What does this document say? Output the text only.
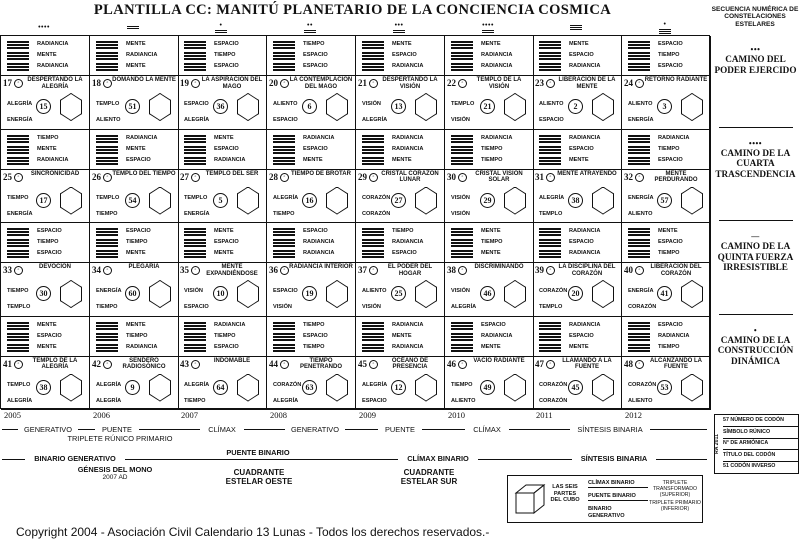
PLANTILLA CC: MANITÚ PLANETARIO DE LA CONCIENCIA COSMICA	SECUENCIA NUMÉRICA DE CONSTELACIONES ESTELARES
••••	•	••	•••	••••	•
RADIANCIA
MENTE
RADIANCIA
17 ◦	DESPERTANDO LA ALEGRÍA
ALEGRÍA
ENERGÍA
15
MENTE
RADIANCIA
MENTE
18 ◦ DOMANDO LA MENTE
TEMPLO
ALIENTO
51
ESPACIO
TIEMPO
ESPACIO
19 ◦ LA ASPIRACIÓN DEL MAGO
ESPACIO
ALEGRÍA
36
TIEMPO
ESPACIO
ESPACIO
20 ◦ LA CONTEMPLACIÓN DEL MAGO
ALIENTO
ESPACIO
6
MENTE
ESPACIO
RADIANCIA
21 ◦	DESPERTANDO LA VISIÓN
VISIÓN
ALEGRÍA
13
MENTE
RADIANCIA
RADIANCIA
22 ◦	TEMPLO DE LA VISIÓN
TEMPLO
VISIÓN
21
MENTE
ESPACIO
RADIANCIA
23 ◦	LIBERACIÓN DE LA MENTE
ALIENTO
ESPACIO
2
ESPACIO
TIEMPO
ESPACIO
24 ◦ RETORNO RADIANTE
ALIENTO
ENERGÍA
3
TIEMPO
MENTE
RADIANCIA
25 ◦	SINCRONICIDAD
TIEMPO
ENERGÍA
17
RADIANCIA
MENTE
ESPACIO
26 ◦ TEMPLO DEL TIEMPO
TEMPLO
TIEMPO
54
MENTE
ESPACIO
RADIANCIA
27 ◦	TEMPLO DEL SER
TEMPLO
ENERGÍA
5
RADIANCIA
ESPACIO
MENTE
28 ◦ TIEMPO DE BROTAR
ALEGRÍA
TIEMPO
16
RADIANCIA
RADIANCIA
MENTE
29 ◦	CRISTAL CORAZÓN LUNAR
CORAZÓN
CORAZÓN
27
RADIANCIA
TIEMPO
TIEMPO
30 ◦	CRISTAL VISIÓN SOLAR
VISIÓN
VISIÓN
29
RADIANCIA
ESPACIO
MENTE
31 ◦ MENTE ATRAYENDO
ALEGRÍA
TEMPLO
38
RADIANCIA
TIEMPO
ESPACIO
32 ◦	MENTE PERDURANDO
ENERGÍA
ALIENTO
57
ESPACIO
TIEMPO
ESPACIO
33 ◦	DEVOCIÓN
TIEMPO
TEMPLO
30
ESPACIO
TIEMPO
MENTE
34 ◦	PLEGARIA
ENERGÍA
TIEMPO
60
MENTE
ESPACIO
MENTE
35 ◦	MENTE EXPANDIÉNDOSE
VISIÓN
ESPACIO
10
ESPACIO
RADIANCIA
RADIANCIA
36 ◦ RADIANCIA INTERIOR
ESPACIO
VISIÓN
19
TIEMPO
RADIANCIA
ESPACIO
37 ◦	EL PODER DEL HOGAR
ALIENTO
VISIÓN
25
MENTE
TIEMPO
MENTE
38 ◦	DISCRIMINANDO
VISIÓN
ALEGRÍA
46
RADIANCIA
ESPACIO
RADIANCIA
39 ◦	LA DISCIPLINA DEL CORAZÓN
CORAZÓN
TEMPLO
20
MENTE
ESPACIO
TIEMPO
40 ◦	LIBERACIÓN DEL CORAZÓN
ENERGÍA
CORAZÓN
41
MENTE
ESPACIO
MENTE
41 ◦	TEMPLO DE LA ALEGRÍA
TEMPLO
ALEGRÍA
38
MENTE
TIEMPO
RADIANCIA
42 ◦	SENDERO RADIOSÓNICO
ALEGRÍA
ALEGRÍA
9
RADIANCIA
TIEMPO
ESPACIO
43 ◦	INDOMABLE
ALEGRÍA
TIEMPO
64
TIEMPO
ESPACIO
TIEMPO
44 ◦	TIEMPO PENETRANDO
CORAZÓN
ALEGRÍA
63
RADIANCIA
MENTE
RADIANCIA
45 ◦	OCÉANO DE PRESENCIA
ALEGRÍA
ESPACIO
12
ESPACIO
RADIANCIA
MENTE
46 ◦	VACÍO RADIANTE
TIEMPO
ALIENTO
49
RADIANCIA
ESPACIO
MENTE
47 ◦	LLAMANDO A LA FUENTE
CORAZÓN
CORAZÓN
45
ESPACIO
RADIANCIA
TIEMPO
48 ◦	ALCANZANDO LA FUENTE
CORAZÓN
ALIENTO
53
•••
CAMINO DEL PODER EJERCIDO
••••
CAMINO DE LA CUARTA TRASCENDENCIA
—
CAMINO DE LA QUINTA FUERZA IRRESISTIBLE
•
CAMINO DE LA CONSTRUCCIÓN DINÁMICA
2005	2006	2007	2008	2009	2010	2011	2012
GENERATIVO	PUENTE	CLÍMAX	GENERATIVO	PUENTE	CLÍMAX	SÍNTESIS BINARIA
TRIPLETE RÚNICO PRIMARIO
BINARIO GENERATIVO
PUENTE BINARIO
CLÍMAX BINARIO	SÍNTESIS BINARIA
GÉNESIS DEL MONO
2007 AD
CUADRANTE ESTELAR OESTE
CUADRANTE ESTELAR SUR
RA 2011
57 NÚMERO DE CODÓN
SÍMBOLO RÚNICO
N° DE ARMÓNICA
TÍTULO DEL CODÓN
51 CODÓN INVERSO
LAS SEIS PARTES DEL CUBO
CLÍMAX BINARIO
PUENTE BINARIO
BINARIO GENERATIVO
TRIPLETE TRANSFORMADO (SUPERIOR)
TRIPLETE PRIMARIO (INFERIOR)
Copyright 2004 - Asociación Civil Calendario 13 Lunas - Todos los derechos reservados.-
